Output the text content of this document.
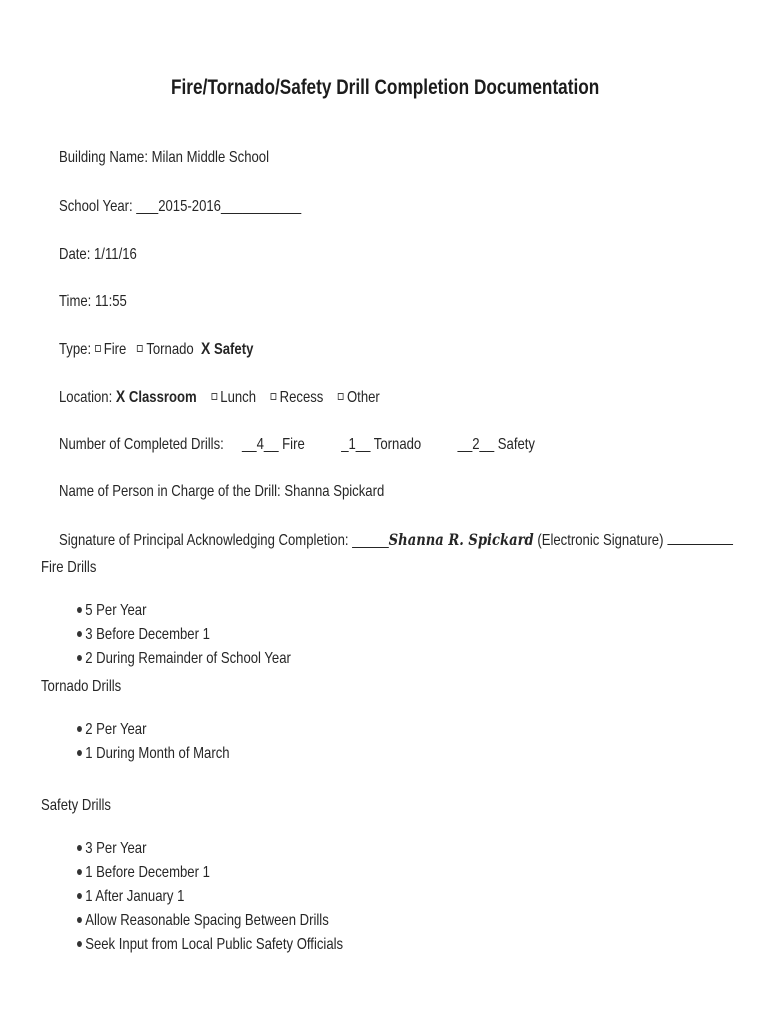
Fire/Tornado/Safety Drill Completion Documentation

Building Name: Milan Middle School

School Year: ___2015-2016___________

Date: 1/11/16

Time: 11:55

Type: Fire Tornado X Safety

Location: X Classroom Lunch Recess Other

Number of Completed Drills: __4__ Fire _1__ Tornado __2__ Safety

Name of Person in Charge of the Drill: Shanna Spickard

Signature of Principal Acknowledging Completion: _____Shanna R. Spickard (Electronic Signature)

Fire Drills

5 Per Year

3 Before December 1

2 During Remainder of School Year

Tornado Drills

2 Per Year

1 During Month of March

Safety Drills

3 Per Year

1 Before December 1

1 After January 1

Allow Reasonable Spacing Between Drills

Seek Input from Local Public Safety Officials
